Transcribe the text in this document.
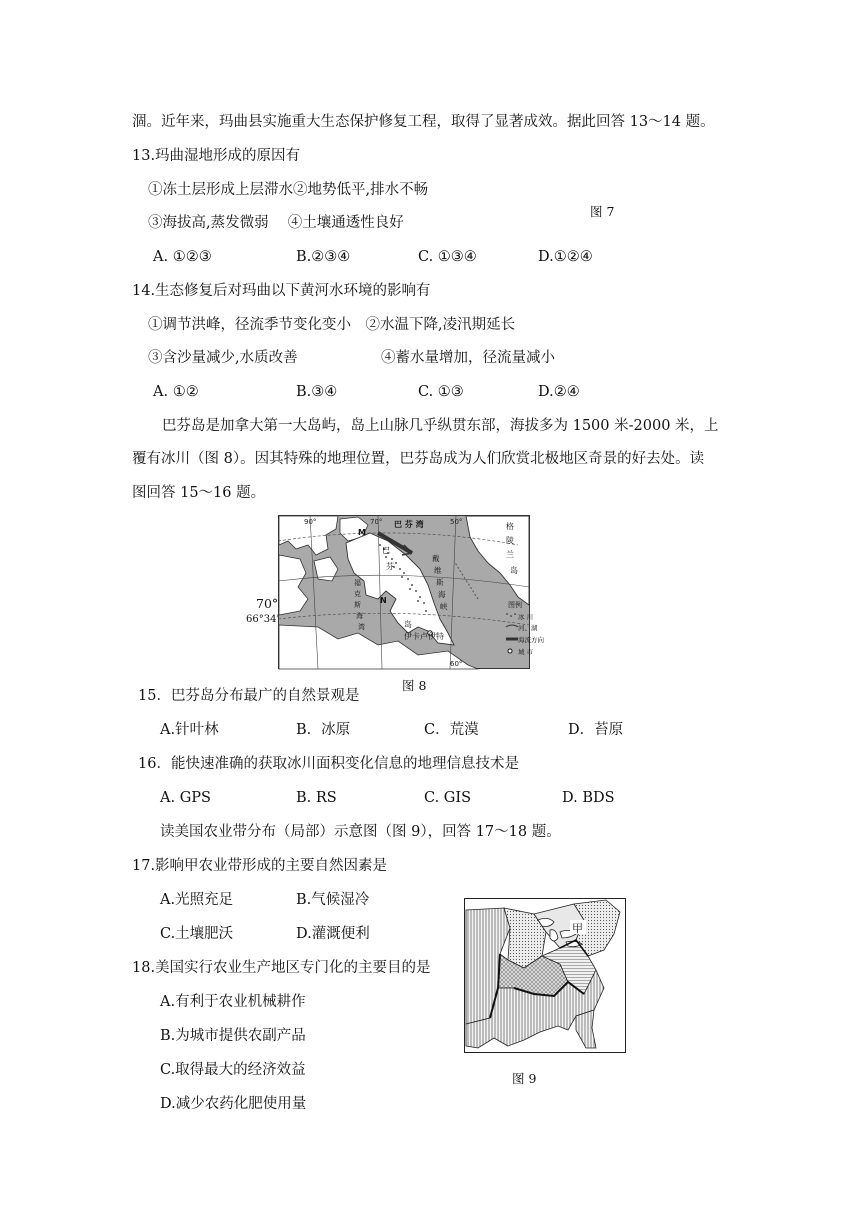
涸。近年来，玛曲县实施重大生态保护修复工程，取得了显著成效。据此回答 13～14 题。
13.玛曲湿地形成的原因有
①冻土层形成上层滞水②地势低平,排水不畅
③海拔高,蒸发微弱　 ④土壤通透性良好
图 7
A. ①②③	B.②③④	C. ①③④	D.①②④
14.生态修复后对玛曲以下黄河水环境的影响有
①调节洪峰，径流季节变化变小　②水温下降,凌汛期延长
③含沙量减少,水质改善	④蓄水量增加，径流量减小
A. ①②	B.③④	C. ①③	D.②④
巴芬岛是加拿大第一大岛屿，岛上山脉几乎纵贯东部，海拔多为 1500 米-2000 米，上
覆有冰川（图 8）。因其特殊的地理位置，巴芬岛成为人们欣赏北极地区奇景的好去处。读
图回答 15～16 题。
90°	70°	50°
60°
巴 芬 湾	格
陵
兰
岛
戴
维
斯
海
峡
巴
芬
岛
福
克
斯
海
湾
M
N
伊卡卢伊特
图例
冰 川
河、湖
海流方向
城 市
70°
66°34'
图 8
15．巴芬岛分布最广的自然景观是
A.针叶林	B．冰原	C．荒漠	D．苔原
16．能快速准确的获取冰川面积变化信息的地理信息技术是
A. GPS	B. RS	C. GIS	D. BDS
读美国农业带分布（局部）示意图（图 9），回答 17～18 题。
17.影响甲农业带形成的主要自然因素是
A.光照充足	B.气候湿冷
C.土壤肥沃	D.灌溉便利
18.美国实行农业生产地区专门化的主要目的是
A.有利于农业机械耕作
B.为城市提供农副产品
C.取得最大的经济效益
D.减少农药化肥使用量
甲
图 9
